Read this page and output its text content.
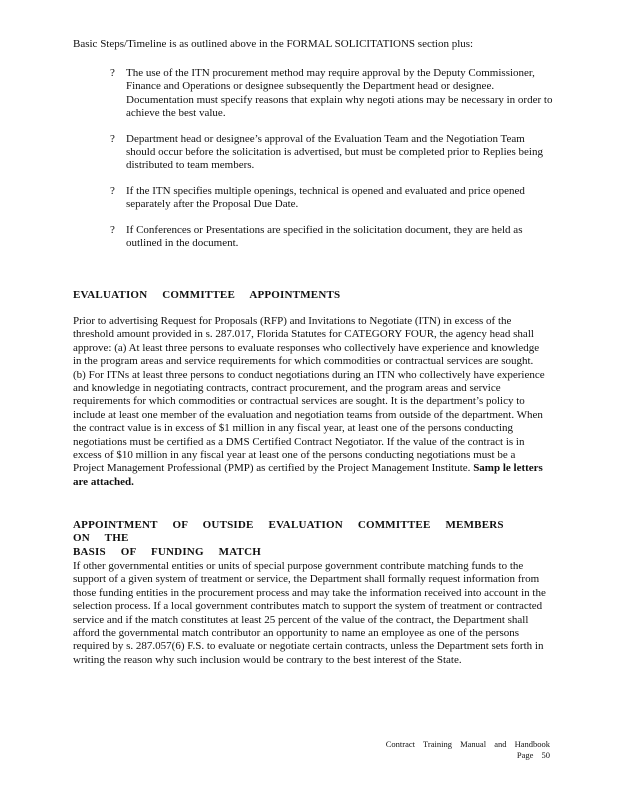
Basic Steps/Timeline is as outlined above in the FORMAL SOLICITATIONS section plus:
? The use of the ITN procurement method may require approval by the Deputy Commissioner, Finance and Operations or designee subsequently the Department head or designee. Documentation must specify reasons that explain why negoti ations may be necessary in order to achieve the best value.
? Department head or designee’s approval of the Evaluation Team and the Negotiation Team should occur before the solicitation is advertised, but must be completed prior to Replies being distributed to team members.
? If the ITN specifies multiple openings, technical is opened and evaluated and price opened separately after the Proposal Due Date.
? If Conferences or Presentations are specified in the solicitation document, they are held as outlined in the document.
EVALUATION COMMITTEE APPOINTMENTS
Prior to advertising Request for Proposals (RFP) and Invitations to Negotiate (ITN) in excess of the threshold amount provided in s. 287.017, Florida Statutes for CATEGORY FOUR, the agency head shall approve: (a) At least three persons to evaluate responses who collectively have experience and knowledge in the program areas and service requirements for which commodities or contractual services are sought. (b) For ITNs at least three persons to conduct negotiations during an ITN who collectively have experience and knowledge in negotiating contracts, contract procurement, and the program areas and service requirements for which commodities or contractual services are sought. It is the department’s policy to include at least one member of the evaluation and negotiation teams from outside of the department. When the contract value is in excess of $1 million in any fiscal year, at least one of the persons conducting negotiations must be certified as a DMS Certified Contract Negotiator. If the value of the contract is in excess of $10 million in any fiscal year at least one of the persons conducting negotiations must be a Project Management Professional (PMP) as certified by the Project Management Institute. Samp le letters are attached.
APPOINTMENT OF OUTSIDE EVALUATION COMMITTEE MEMBERS ON THE
BASIS OF FUNDING MATCH
If other governmental entities or units of special purpose government contribute matching funds to the support of a given system of treatment or service, the Department shall formally request information from those funding entities in the procurement process and may take the information received into account in the selection process. If a local government contributes match to support the system of treatment or contracted service and if the match constitutes at least 25 percent of the value of the contract, the Department shall afford the governmental match contributor an opportunity to name an employee as one of the persons required by s. 287.057(6) F.S. to evaluate or negotiate certain contracts, unless the Department sets forth in writing the reason why such inclusion would be contrary to the best interest of the State.
Contract Training Manual and Handbook
Page 50
